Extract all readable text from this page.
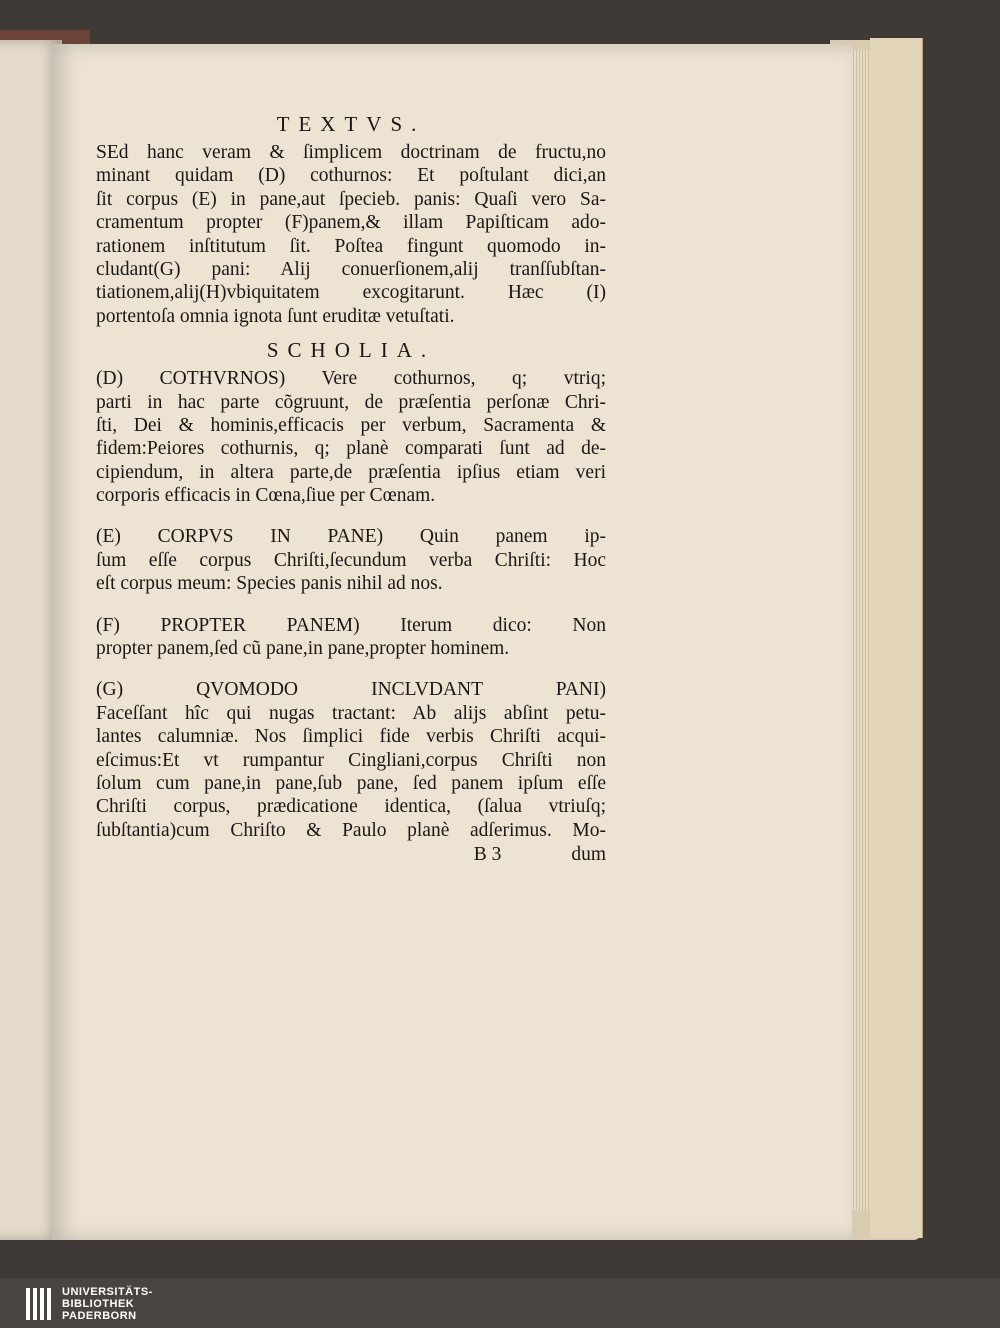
TEXTVS.
SEd hanc veram & ſimplicem doctrinam de fructu,no
minant quidam (D) cothurnos: Et poſtulant dici,an
ſit corpus (E) in pane,aut ſpecieb. panis: Quaſi vero Sa-
cramentum propter (F)panem,& illam Papiſticam ado-
rationem inſtitutum ſit. Poſtea fingunt quomodo in-
cludant(G) pani: Alij conuerſionem,alij tranſſubſtan-
tiationem,alij(H)vbiquitatem excogitarunt. Hæc (I)
portentoſa omnia ignota ſunt eruditæ vetuſtati.
SCHOLIA.
(D) COTHVRNOS) Vere cothurnos, q; vtriq;
parti in hac parte cõgruunt, de præſentia perſonæ Chri-
ſti, Dei & hominis,efficacis per verbum, Sacramenta &
fidem:Peiores cothurnis, q; planè comparati ſunt ad de-
cipiendum, in altera parte,de præſentia ipſius etiam veri
corporis efficacis in Cœna,ſiue per Cœnam.
(E) CORPVS IN PANE) Quin panem ip-
ſum eſſe corpus Chriſti,ſecundum verba Chriſti: Hoc
eſt corpus meum: Species panis nihil ad nos.
(F) PROPTER PANEM) Iterum dico: Non
propter panem,ſed cũ pane,in pane,propter hominem.
(G) QVOMODO INCLVDANT PANI)
Faceſſant hîc qui nugas tractant: Ab alijs abſint petu-
lantes calumniæ. Nos ſimplici fide verbis Chriſti acqui-
eſcimus:Et vt rumpantur Cingliani,corpus Chriſti non
ſolum cum pane,in pane,ſub pane, ſed panem ipſum eſſe
Chriſti corpus, prædicatione identica, (ſalua vtriuſq;
ſubſtantia)cum Chriſto & Paulo planè adſerimus. Mo-
B 3	dum
UNIVERSITÄTS-
BIBLIOTHEK
PADERBORN
